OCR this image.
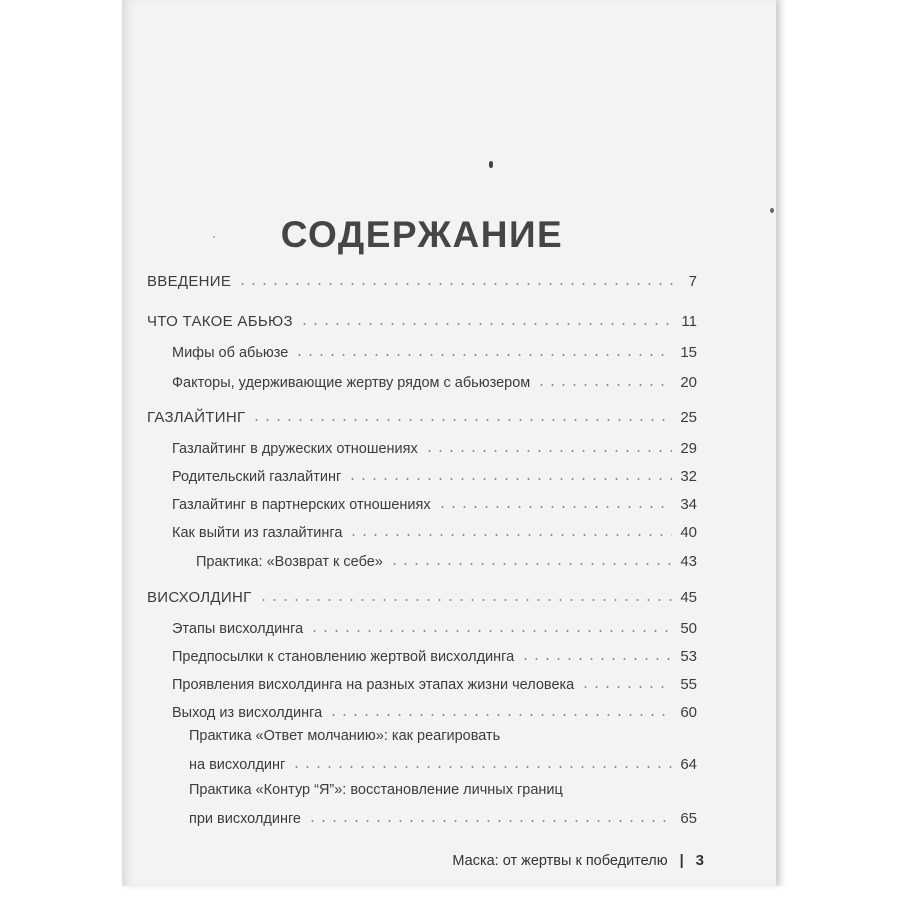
СОДЕРЖАНИЕ
ВВЕДЕНИЕ	7
ЧТО ТАКОЕ АБЬЮЗ	11
Мифы об абьюзе	15
Факторы, удерживающие жертву рядом с абьюзером	20
ГАЗЛАЙТИНГ	25
Газлайтинг в дружеских отношениях	29
Родительский газлайтинг	32
Газлайтинг в партнерских отношениях	34
Как выйти из газлайтинга	40
Практика: «Возврат к себе»	43
ВИСХОЛДИНГ	45
Этапы висхолдинга	50
Предпосылки к становлению жертвой висхолдинга	53
Проявления висхолдинга на разных этапах жизни человека	55
Выход из висхолдинга	60
Практика «Ответ молчанию»: как реагировать
на висхолдинг	64
Практика «Контур “Я”»: восстановление личных границ
при висхолдинге	65
Маска: от жертвы к победителю | 3
